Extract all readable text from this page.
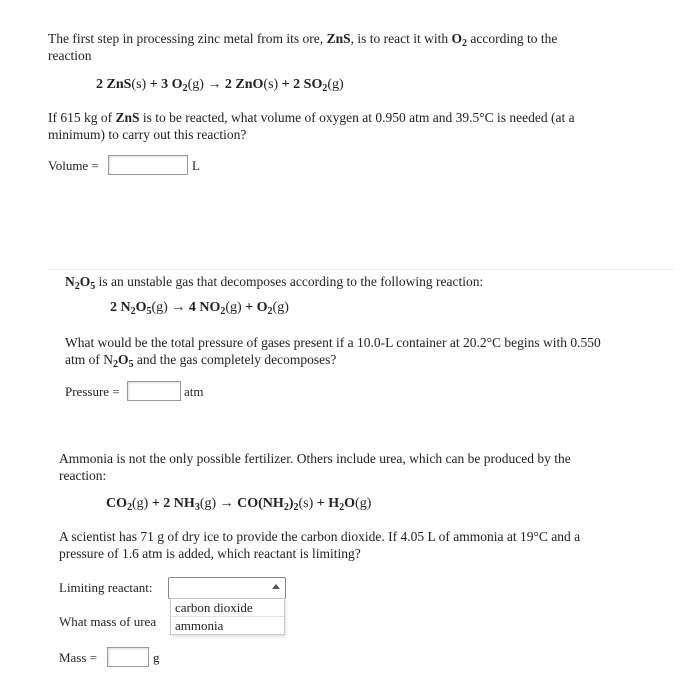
The first step in processing zinc metal from its ore, ZnS, is to react it with $O_2$ according to the
reaction
2 ZnS(s) + 3 $O_2(g) \to 2$ ZnO(s) + 2 $SO_2(g)$
If 615 kg of ZnS is to be reacted, what volume of oxygen at 0.950 atm and 39.5°C is needed (at a
minimum) to carry out this reaction?
Volume =	L
$N_2O_5$ is an unstable gas that decomposes according to the following reaction:
2 $N_2O_5(g) \to 4$ $NO_2(g) + O_2(g)$
What would be the total pressure of gases present if a 10.0-L container at 20.2°C begins with 0.550
atm of $N_2O_5$ and the gas completely decomposes?
Pressure =	atm
Ammonia is not the only possible fertilizer. Others include urea, which can be produced by the
reaction:
$CO_2(g) + 2$ $NH_3(g) \to CO(NH_2)_2(s) + H_2O(g)$
A scientist has 71 g of dry ice to provide the carbon dioxide. If 4.05 L of ammonia at 19°C and a
pressure of 1.6 atm is added, which reactant is limiting?
Limiting reactant:
What mass of urea
carbon dioxide
ammonia
Mass =	g
